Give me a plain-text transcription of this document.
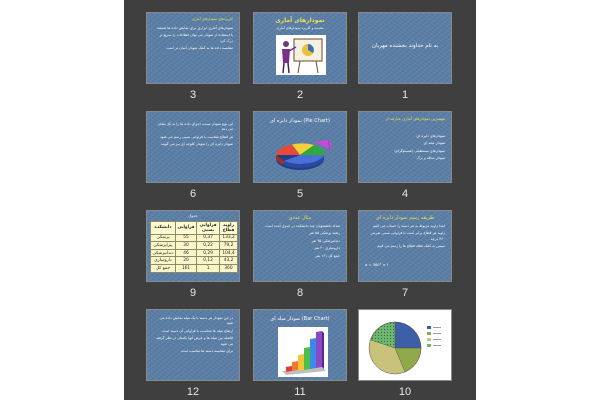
به نام خداوند بخشنده مهربان
1
نمودارهای آماری
مقدمه و کاربرد نمودارهای آماری
2
کاربردهای نمودارهای آماری

نمودارهای آماری ابزاری برای نمایش داده ها هستند

با استفاده از نمودار می توان اطلاعات را سریع تر درک کرد

مقایسه داده ها به کمک نمودار آسان تر است

3
مهمترین نمودارهای آماری عبارتند از

نمودارهای دایره ای

نمودار میله ای

نمودارهای مستطیلی (هیستوگرام)

نمودار ساقه و برگ

4
نمودار دایره ای (Pie Chart)
5

این نوع نمودار نسبت اجزای داده ها را به کل نشان می دهد

هر قطاع متناسب با فراوانی نسبی رسم می شود

نمودار دایره ای را نمودار کلوچه ای نیز می گویند

6
طریقه رسم نمودار دایره ای

ابتدا زاویه مربوط به هر دسته را حساب می کنیم

زاویه هر قطاع برابر است با فراوانی نسبی ضربدر ۳۶۰ درجه

سپس به کمک نقاله قطاع ها را رسم می کنیم

α = 360° × f
7
مثال عددی

تعداد دانشجویان چند دانشکده در جدول آمده است

رشته پزشکی ۵۵ نفر

دندانپزشکی ۳۵ نفر

داروسازی ۲۰ نفر

جمع کل ۱۶۱ نفر

8
جدول
زاویه قطاع	فراوانی نسبی	فراوانی	دانشکده
133,2	0,37	55	پزشکی
79,2	0,22	30	پیراپزشکی
104,4	0,29	46	دندانپزشکی
43,2	0,12	20	داروسازی
360	1	161	جمع کل
9
10
نمودار میله ای (Bar Chart)
11

در این نمودار هر دسته با یک میله نمایش داده می شود

ارتفاع میله ها متناسب با فراوانی آن دسته است

فاصله بین میله ها و عرض آنها یکسان در نظر گرفته می شود

برای مقایسه دسته ها مناسب است

12
